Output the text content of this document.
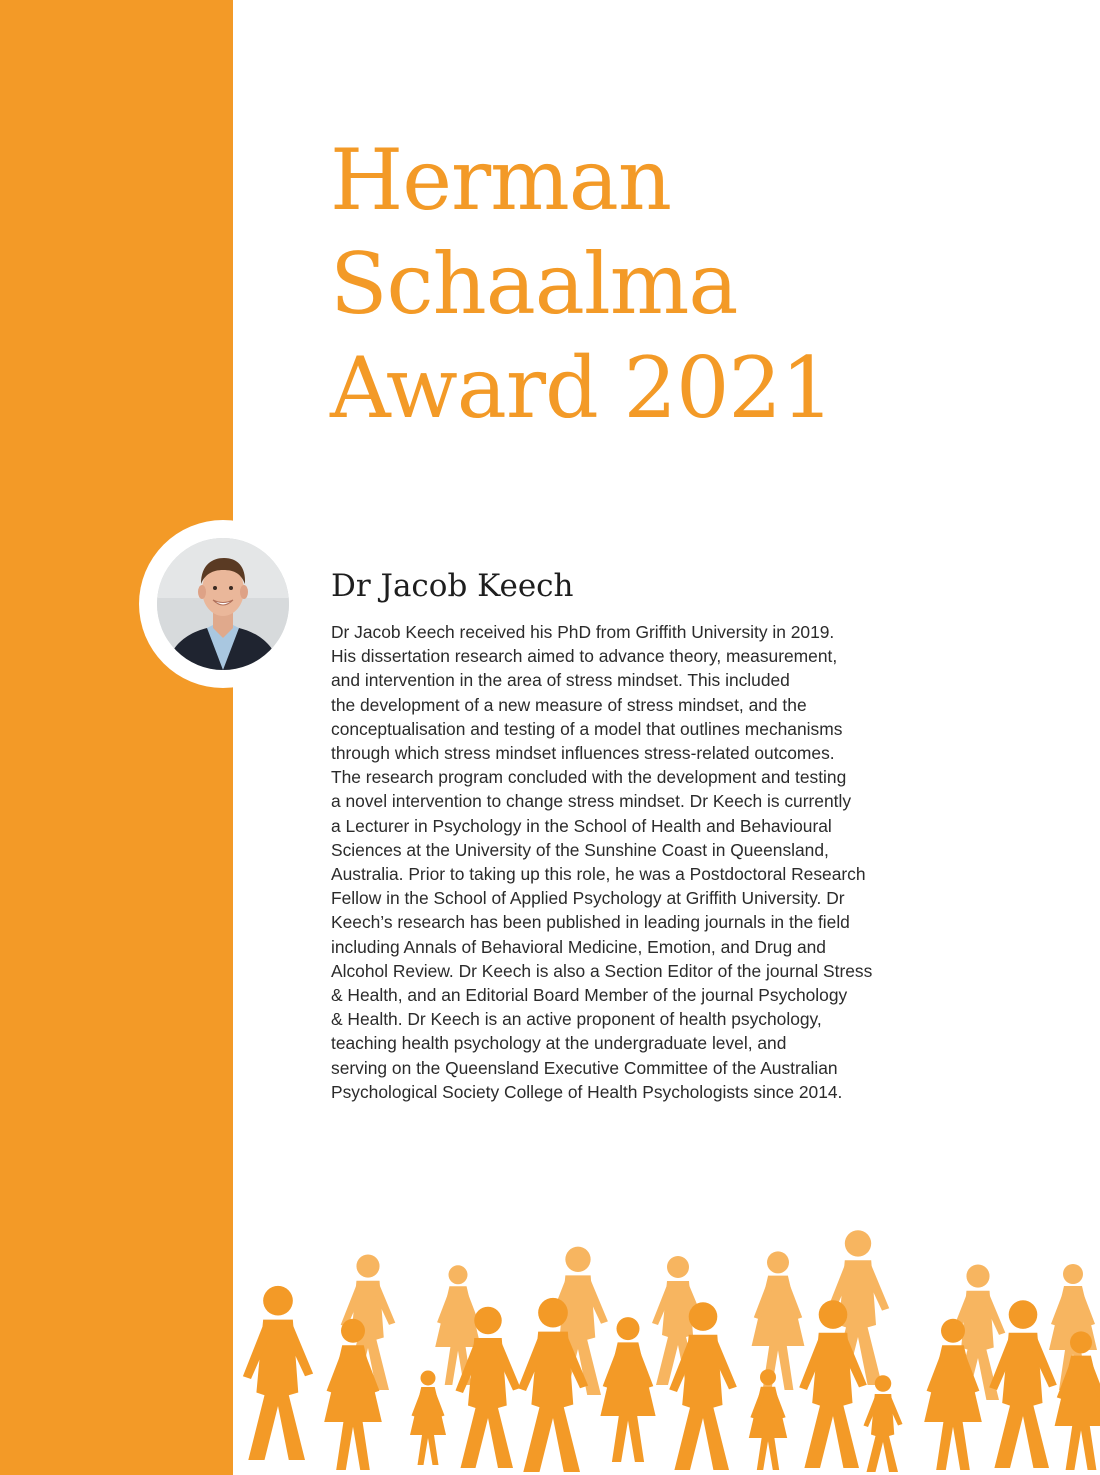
Herman
Schaalma
Award 2021
Dr Jacob Keech

Dr Jacob Keech received his PhD from Griffith University in 2019.
His dissertation research aimed to advance theory, measurement,
and intervention in the area of stress mindset. This included
the development of a new measure of stress mindset, and the
conceptualisation and testing of a model that outlines mechanisms
through which stress mindset influences stress-related outcomes.
The research program concluded with the development and testing
a novel intervention to change stress mindset. Dr Keech is currently
a Lecturer in Psychology in the School of Health and Behavioural
Sciences at the University of the Sunshine Coast in Queensland,
Australia. Prior to taking up this role, he was a Postdoctoral Research
Fellow in the School of Applied Psychology at Griffith University. Dr
Keech’s research has been published in leading journals in the field
including Annals of Behavioral Medicine, Emotion, and Drug and
Alcohol Review. Dr Keech is also a Section Editor of the journal Stress
& Health, and an Editorial Board Member of the journal Psychology
& Health. Dr Keech is an active proponent of health psychology,
teaching health psychology at the undergraduate level, and
serving on the Queensland Executive Committee of the Australian
Psychological Society College of Health Psychologists since 2014.
